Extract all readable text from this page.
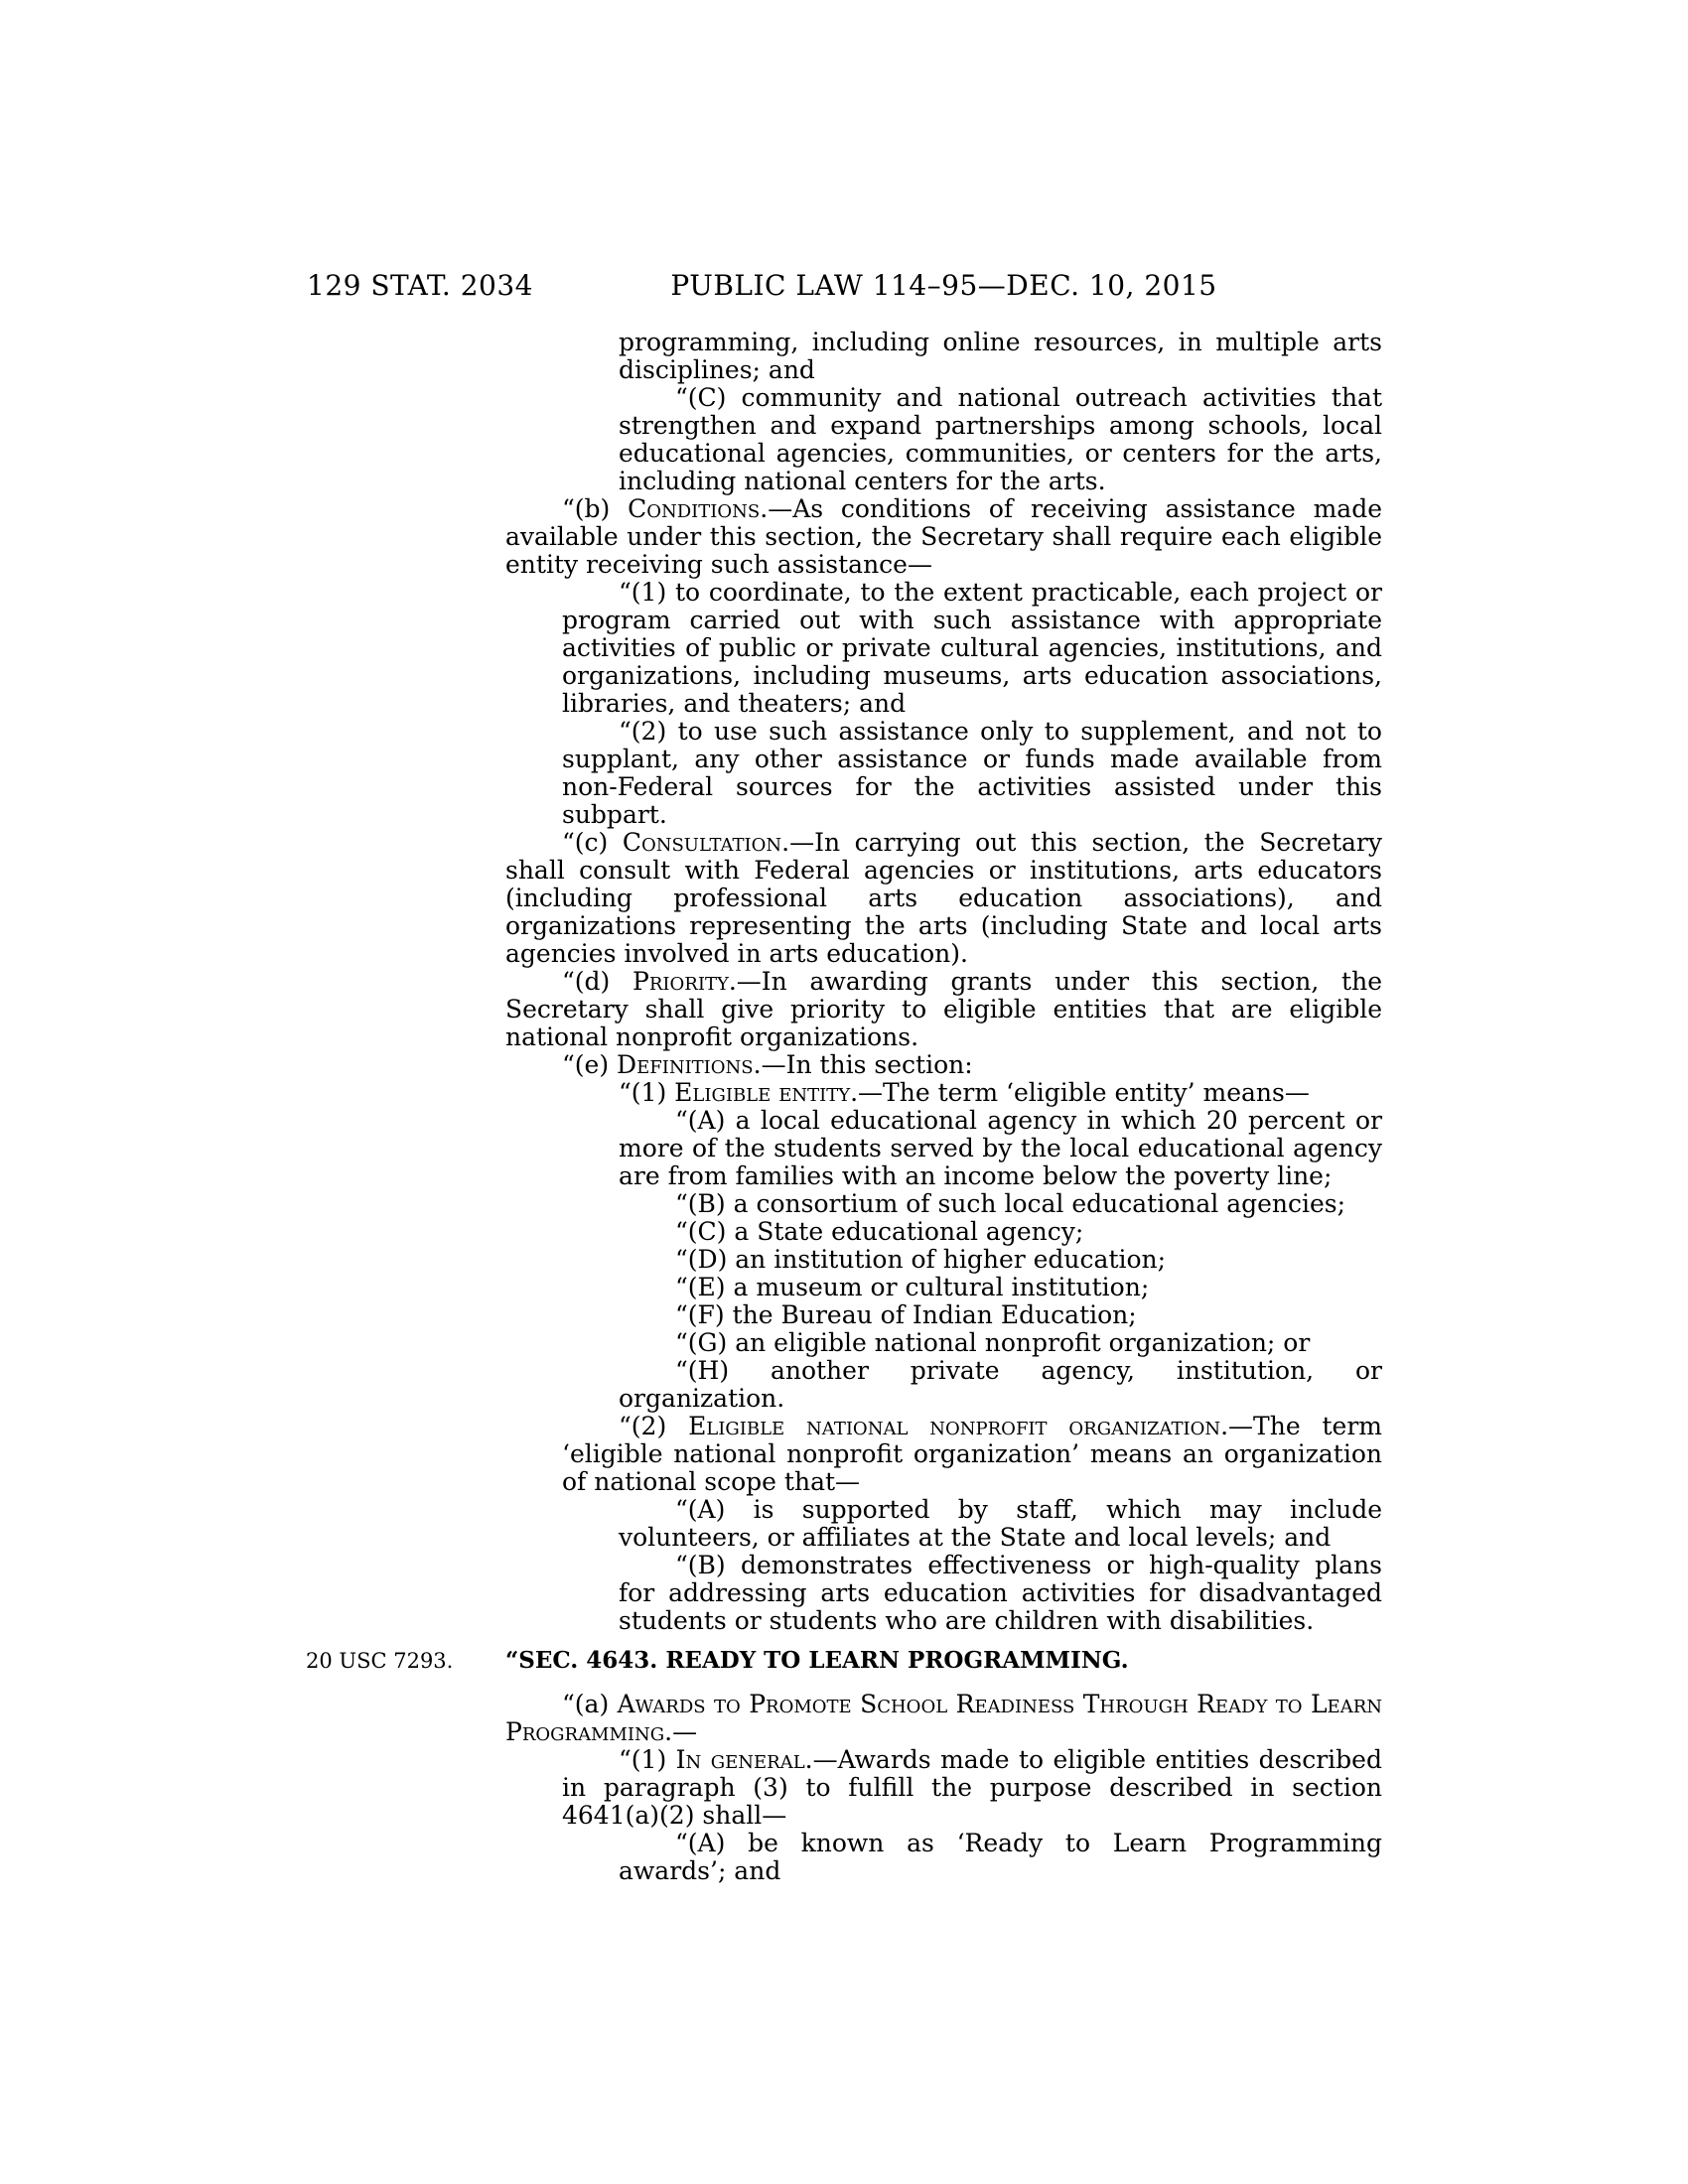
129 STAT. 2034	PUBLIC LAW 114–95—DEC. 10, 2015

programming, including online resources, in multiple arts disciplines; and

“(C) community and national outreach activities that strengthen and expand partnerships among schools, local educational agencies, communities, or centers for the arts, including national centers for the arts.

“(b) Conditions.—As conditions of receiving assistance made available under this section, the Secretary shall require each eligible entity receiving such assistance—

“(1) to coordinate, to the extent practicable, each project or program carried out with such assistance with appropriate activities of public or private cultural agencies, institutions, and organizations, including museums, arts education associations, libraries, and theaters; and

“(2) to use such assistance only to supplement, and not to supplant, any other assistance or funds made available from non-Federal sources for the activities assisted under this subpart.

“(c) Consultation.—In carrying out this section, the Secretary shall consult with Federal agencies or institutions, arts educators (including professional arts education associations), and organizations representing the arts (including State and local arts agencies involved in arts education).

“(d) Priority.—In awarding grants under this section, the Secretary shall give priority to eligible entities that are eligible national nonprofit organizations.

“(e) Definitions.—In this section:

“(1) Eligible entity.—The term ‘eligible entity’ means—

“(A) a local educational agency in which 20 percent or more of the students served by the local educational agency are from families with an income below the poverty line;

“(B) a consortium of such local educational agencies;

“(C) a State educational agency;

“(D) an institution of higher education;

“(E) a museum or cultural institution;

“(F) the Bureau of Indian Education;

“(G) an eligible national nonprofit organization; or

“(H) another private agency, institution, or organization.

“(2) Eligible national nonprofit organization.—The term ‘eligible national nonprofit organization’ means an organization of national scope that—

“(A) is supported by staff, which may include volunteers, or affiliates at the State and local levels; and

“(B) demonstrates effectiveness or high-quality plans for addressing arts education activities for disadvantaged students or students who are children with disabilities.

“SEC. 4643. READY TO LEARN PROGRAMMING.
20 USC 7293.

“(a) Awards to Promote School Readiness Through Ready to Learn Programming.—

“(1) In general.—Awards made to eligible entities described in paragraph (3) to fulfill the purpose described in section 4641(a)(2) shall—

“(A) be known as ‘Ready to Learn Programming awards’; and
